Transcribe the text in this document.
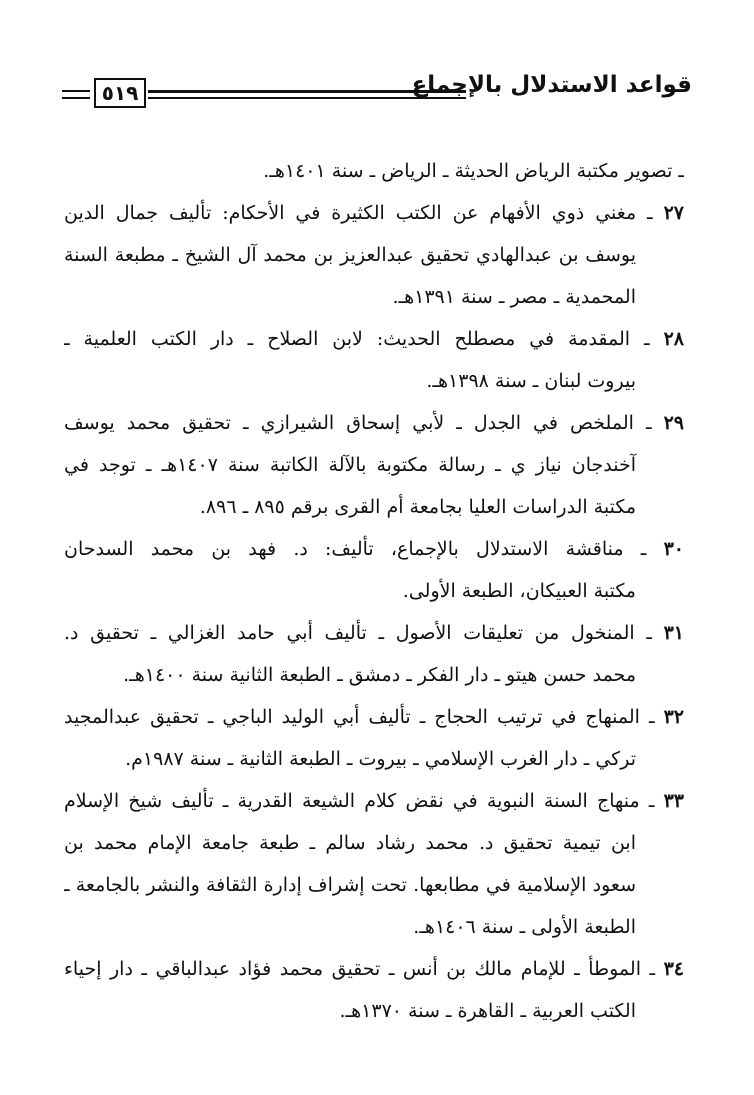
٥١٩	قواعد الاستدلال بالإجماع
ـ تصوير مكتبة الرياض الحديثة ـ الرياض ـ سنة ١٤٠١هـ.
٢٧ ـ مغني ذوي الأفهام عن الكتب الكثيرة في الأحكام: تأليف جمال الدين
يوسف بن عبدالهادي تحقيق عبدالعزيز بن محمد آل الشيخ ـ مطبعة السنة
المحمدية ـ مصر ـ سنة ١٣٩١هـ.
٢٨ ـ المقدمة في مصطلح الحديث: لابن الصلاح ـ دار الكتب العلمية ـ
بيروت لبنان ـ سنة ١٣٩٨هـ.
٢٩ ـ الملخص في الجدل ـ لأبي إسحاق الشيرازي ـ تحقيق محمد يوسف
آخندجان نياز ي ـ رسالة مكتوبة بالآلة الكاتبة سنة ١٤٠٧هـ ـ توجد في
مكتبة الدراسات العليا بجامعة أم القرى برقم ٨٩٥ ـ ٨٩٦.
٣٠ ـ مناقشة الاستدلال بالإجماع، تأليف: د. فهد بن محمد السدحان
مكتبة العبيكان، الطبعة الأولى.
٣١ ـ المنخول من تعليقات الأصول ـ تأليف أبي حامد الغزالي ـ تحقيق د.
محمد حسن هيتو ـ دار الفكر ـ دمشق ـ الطبعة الثانية سنة ١٤٠٠هـ.
٣٢ ـ المنهاج في ترتيب الحجاج ـ تأليف أبي الوليد الباجي ـ تحقيق عبدالمجيد
تركي ـ دار الغرب الإسلامي ـ بيروت ـ الطبعة الثانية ـ سنة ١٩٨٧م.
٣٣ ـ منهاج السنة النبوية في نقض كلام الشيعة القدرية ـ تأليف شيخ الإسلام
ابن تيمية تحقيق د. محمد رشاد سالم ـ طبعة جامعة الإمام محمد بن
سعود الإسلامية في مطابعها. تحت إشراف إدارة الثقافة والنشر بالجامعة ـ
الطبعة الأولى ـ سنة ١٤٠٦هـ.
٣٤ ـ الموطأ ـ للإمام مالك بن أنس ـ تحقيق محمد فؤاد عبدالباقي ـ دار إحياء
الكتب العربية ـ القاهرة ـ سنة ١٣٧٠هـ.
